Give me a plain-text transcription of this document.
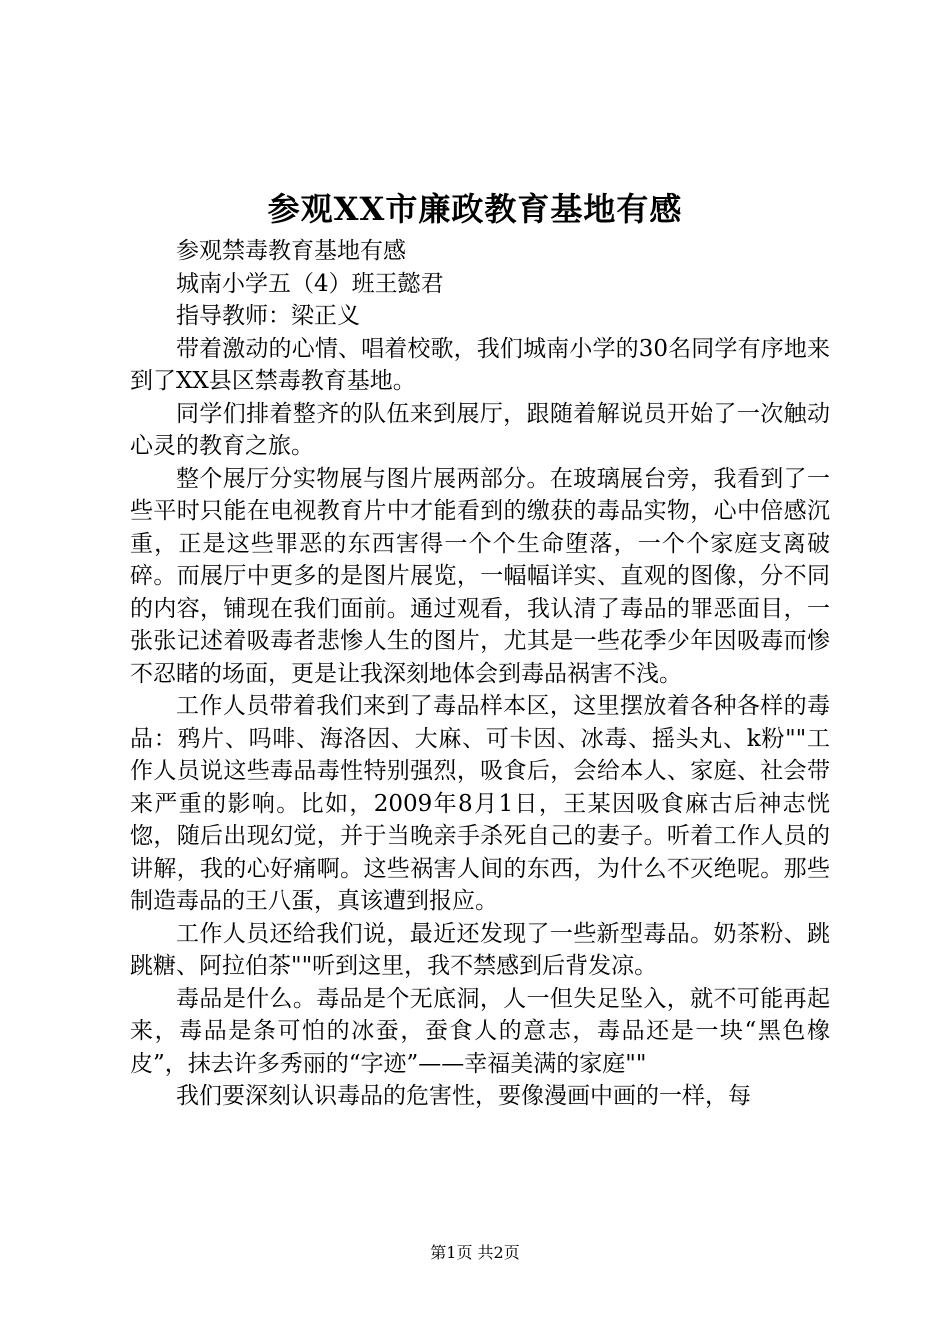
参观XX市廉政教育基地有感

参观禁毒教育基地有感

城南小学五（4）班王懿君

指导教师：梁正义

带着激动的心情、唱着校歌，我们城南小学的30名同学有序地来到了XX县区禁毒教育基地。

同学们排着整齐的队伍来到展厅，跟随着解说员开始了一次触动心灵的教育之旅。

整个展厅分实物展与图片展两部分。在玻璃展台旁，我看到了一些平时只能在电视教育片中才能看到的缴获的毒品实物，心中倍感沉重，正是这些罪恶的东西害得一个个生命堕落，一个个家庭支离破碎。而展厅中更多的是图片展览，一幅幅详实、直观的图像，分不同的内容，铺现在我们面前。通过观看，我认清了毒品的罪恶面目，一张张记述着吸毒者悲惨人生的图片，尤其是一些花季少年因吸毒而惨不忍睹的场面，更是让我深刻地体会到毒品祸害不浅。

工作人员带着我们来到了毒品样本区，这里摆放着各种各样的毒品：鸦片、吗啡、海洛因、大麻、可卡因、冰毒、摇头丸、k粉""工作人员说这些毒品毒性特别强烈，吸食后，会给本人、家庭、社会带来严重的影响。比如，2009年8月1日，王某因吸食麻古后神志恍惚，随后出现幻觉，并于当晚亲手杀死自己的妻子。听着工作人员的讲解，我的心好痛啊。这些祸害人间的东西，为什么不灭绝呢。那些制造毒品的王八蛋，真该遭到报应。

工作人员还给我们说，最近还发现了一些新型毒品。奶茶粉、跳跳糖、阿拉伯茶""听到这里，我不禁感到后背发凉。

毒品是什么。毒品是个无底洞，人一但失足坠入，就不可能再起来，毒品是条可怕的冰蚕，蚕食人的意志，毒品还是一块“黑色橡皮”，抹去许多秀丽的“字迹”——幸福美满的家庭""

我们要深刻认识毒品的危害性，要像漫画中画的一样，每

第1页 共2页
